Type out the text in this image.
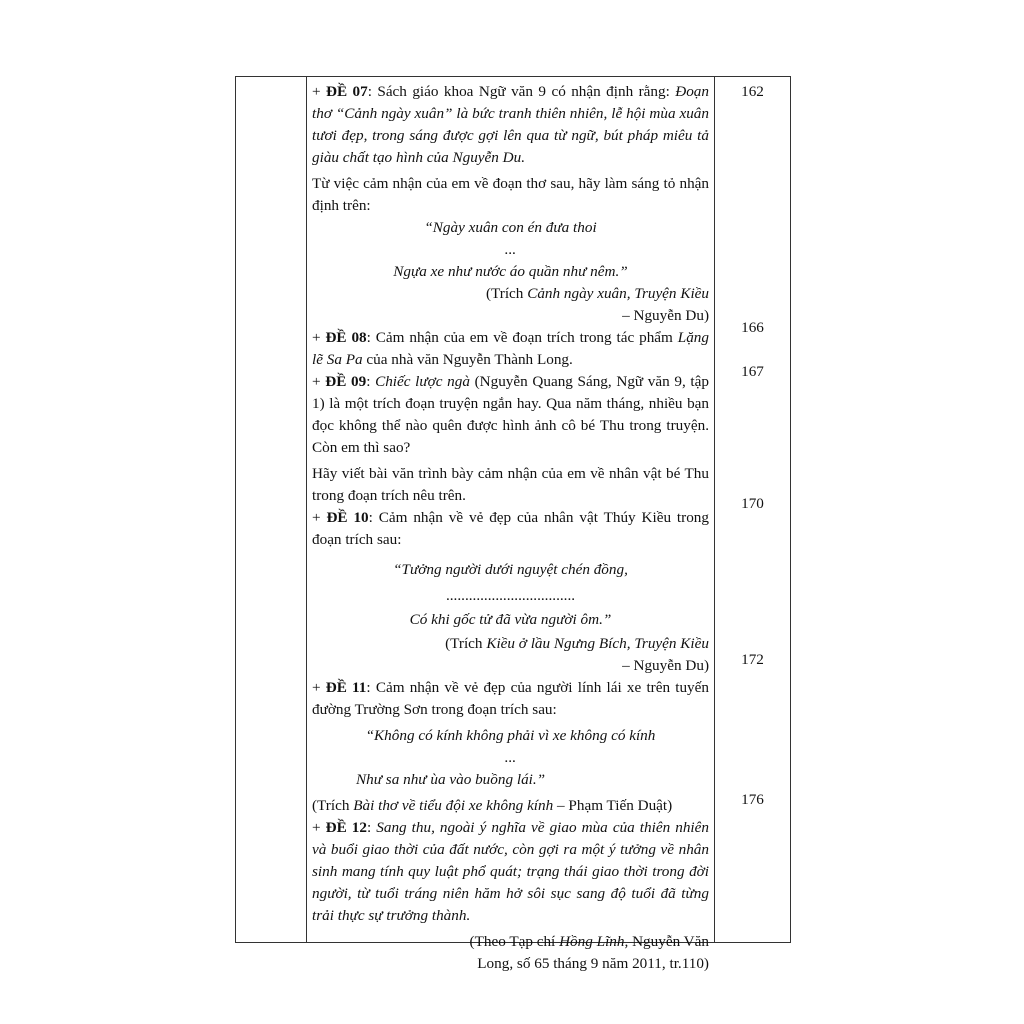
+ ĐỀ 07: Sách giáo khoa Ngữ văn 9 có nhận định rằng: Đoạn thơ “Cảnh ngày xuân” là bức tranh thiên nhiên, lễ hội mùa xuân tươi đẹp, trong sáng được gợi lên qua từ ngữ, bút pháp miêu tả giàu chất tạo hình của Nguyễn Du.

Từ việc cảm nhận của em về đoạn thơ sau, hãy làm sáng tỏ nhận định trên:

“Ngày xuân con én đưa thoi

...

Ngựa xe như nước áo quần như nêm.”

(Trích Cảnh ngày xuân, Truyện Kiều

– Nguyễn Du)

+ ĐỀ 08: Cảm nhận của em về đoạn trích trong tác phẩm Lặng lẽ Sa Pa của nhà văn Nguyễn Thành Long.

+ ĐỀ 09: Chiếc lược ngà (Nguyễn Quang Sáng, Ngữ văn 9, tập 1) là một trích đoạn truyện ngắn hay. Qua năm tháng, nhiều bạn đọc không thể nào quên được hình ảnh cô bé Thu trong truyện. Còn em thì sao?

Hãy viết bài văn trình bày cảm nhận của em về nhân vật bé Thu trong đoạn trích nêu trên.

+ ĐỀ 10: Cảm nhận về vẻ đẹp của nhân vật Thúy Kiều trong đoạn trích sau:

“Tưởng người dưới nguyệt chén đồng,

..................................

Có khi gốc tử đã vừa người ôm.”

(Trích Kiều ở lầu Ngưng Bích, Truyện Kiều

– Nguyễn Du)

+ ĐỀ 11: Cảm nhận về vẻ đẹp của người lính lái xe trên tuyến đường Trường Sơn trong đoạn trích sau:

“Không có kính không phải vì xe không có kính

...

Như sa như ùa vào buồng lái.”

(Trích Bài thơ về tiểu đội xe không kính – Phạm Tiến Duật)

+ ĐỀ 12: Sang thu, ngoài ý nghĩa về giao mùa của thiên nhiên và buổi giao thời của đất nước, còn gợi ra một ý tưởng về nhân sinh mang tính quy luật phổ quát; trạng thái giao thời trong đời người, từ tuổi tráng niên hăm hở sôi sục sang độ tuổi đã từng trải thực sự trưởng thành.

(Theo Tạp chí Hồng Lĩnh, Nguyễn Văn

Long, số 65 tháng 9 năm 2011, tr.110)

162
166
167
170
172
176
